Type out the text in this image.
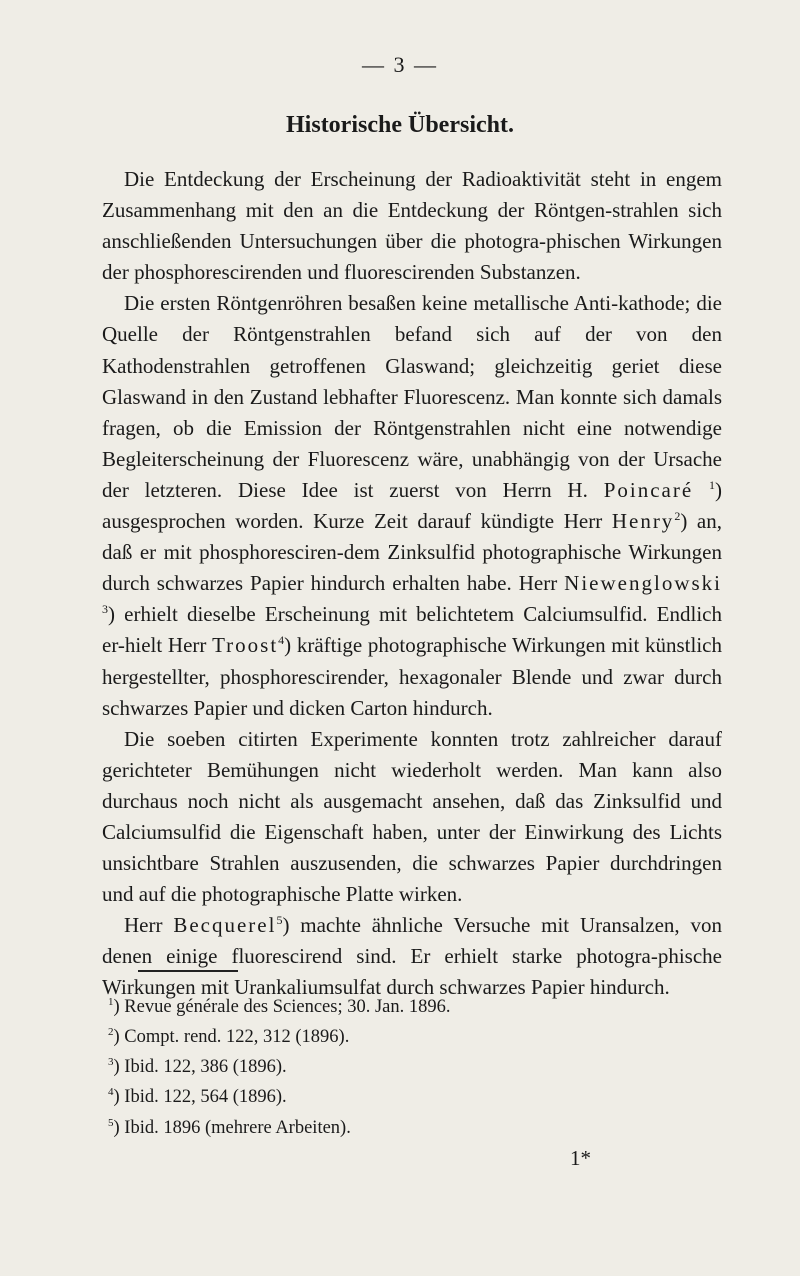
— 3 —
Historische Übersicht.

Die Entdeckung der Erscheinung der Radioaktivität steht in engem Zusammenhang mit den an die Entdeckung der Röntgen-strahlen sich anschließenden Untersuchungen über die photogra-phischen Wirkungen der phosphorescirenden und fluorescirenden Substanzen.

Die ersten Röntgenröhren besaßen keine metallische Anti-kathode; die Quelle der Röntgenstrahlen befand sich auf der von den Kathodenstrahlen getroffenen Glaswand; gleichzeitig geriet diese Glaswand in den Zustand lebhafter Fluorescenz. Man konnte sich damals fragen, ob die Emission der Röntgenstrahlen nicht eine notwendige Begleiterscheinung der Fluorescenz wäre, unabhängig von der Ursache der letzteren. Diese Idee ist zuerst von Herrn H. Poincaré $^1$) ausgesprochen worden. Kurze Zeit darauf kündigte Herr Henry$^2$) an, daß er mit phosphoresciren-dem Zinksulfid photographische Wirkungen durch schwarzes Papier hindurch erhalten habe. Herr Niewenglowski $^3$) erhielt dieselbe Erscheinung mit belichtetem Calciumsulfid. Endlich er-hielt Herr Troost$^4$) kräftige photographische Wirkungen mit künstlich hergestellter, phosphorescirender, hexagonaler Blende und zwar durch schwarzes Papier und dicken Carton hindurch.

Die soeben citirten Experimente konnten trotz zahlreicher darauf gerichteter Bemühungen nicht wiederholt werden. Man kann also durchaus noch nicht als ausgemacht ansehen, daß das Zinksulfid und Calciumsulfid die Eigenschaft haben, unter der Einwirkung des Lichts unsichtbare Strahlen auszusenden, die schwarzes Papier durchdringen und auf die photographische Platte wirken.

Herr Becquerel$^5$) machte ähnliche Versuche mit Uransalzen, von denen einige fluorescirend sind. Er erhielt starke photogra-phische Wirkungen mit Urankaliumsulfat durch schwarzes Papier hindurch.

$^1$) Revue générale des Sciences; 30. Jan. 1896.
$^2$) Compt. rend. 122, 312 (1896).
$^3$) Ibid. 122, 386 (1896).
$^4$) Ibid. 122, 564 (1896).
$^5$) Ibid. 1896 (mehrere Arbeiten).
1*
